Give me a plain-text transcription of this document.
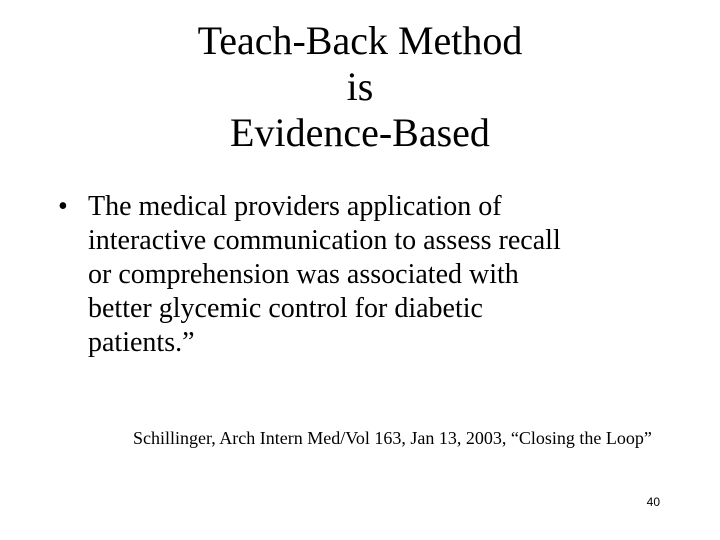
Teach-Back Method
is
Evidence-Based
• The medical providers application of
interactive communication to assess recall
or comprehension was associated with
better glycemic control for diabetic
patients.”
Schillinger, Arch Intern Med/Vol 163, Jan 13, 2003, “Closing the Loop”
40
